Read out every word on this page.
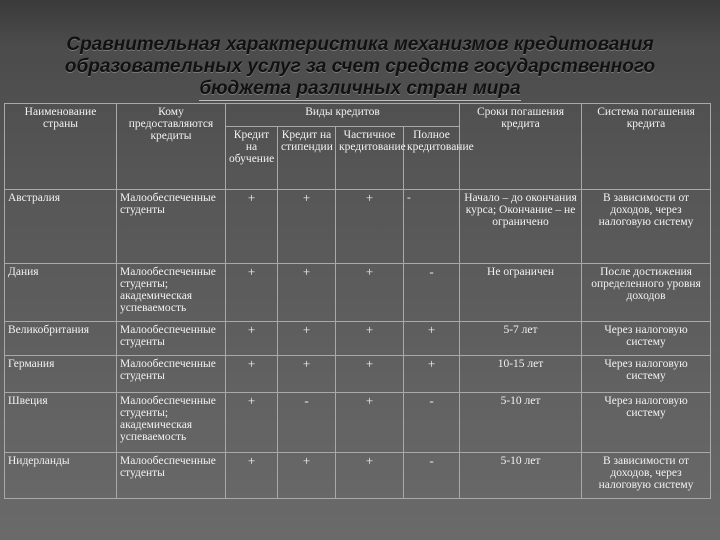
Сравнительная характеристика механизмов кредитования
образовательных услуг за счет средств государственного
бюджета различных стран мира
Наименование страны	Кому предоставляются кредиты	Виды кредитов				Сроки погашения кредита	Система погашения кредита
		Кредит на обучение	Кредит на стипендии	Частичное кредитование	Полное кредитование		
Австралия	Малообеспеченные студенты	+	+	+	-	Начало – до окончания курса; Окончание – не ограничено	В зависимости от доходов, через налоговую систему
Дания	Малообеспеченные студенты; академическая успеваемость	+	+	+	-	Не ограничен	После достижения определенного уровня доходов
Великобритания	Малообеспеченные студенты	+	+	+	+	5-7 лет	Через налоговую систему
Германия	Малообеспеченные студенты	+	+	+	+	10-15 лет	Через налоговую систему
Швеция	Малообеспеченные студенты; академическая успеваемость	+	-	+	-	5-10 лет	Через налоговую систему
Нидерланды	Малообеспеченные студенты	+	+	+	-	5-10 лет	В зависимости от доходов, через налоговую систему
